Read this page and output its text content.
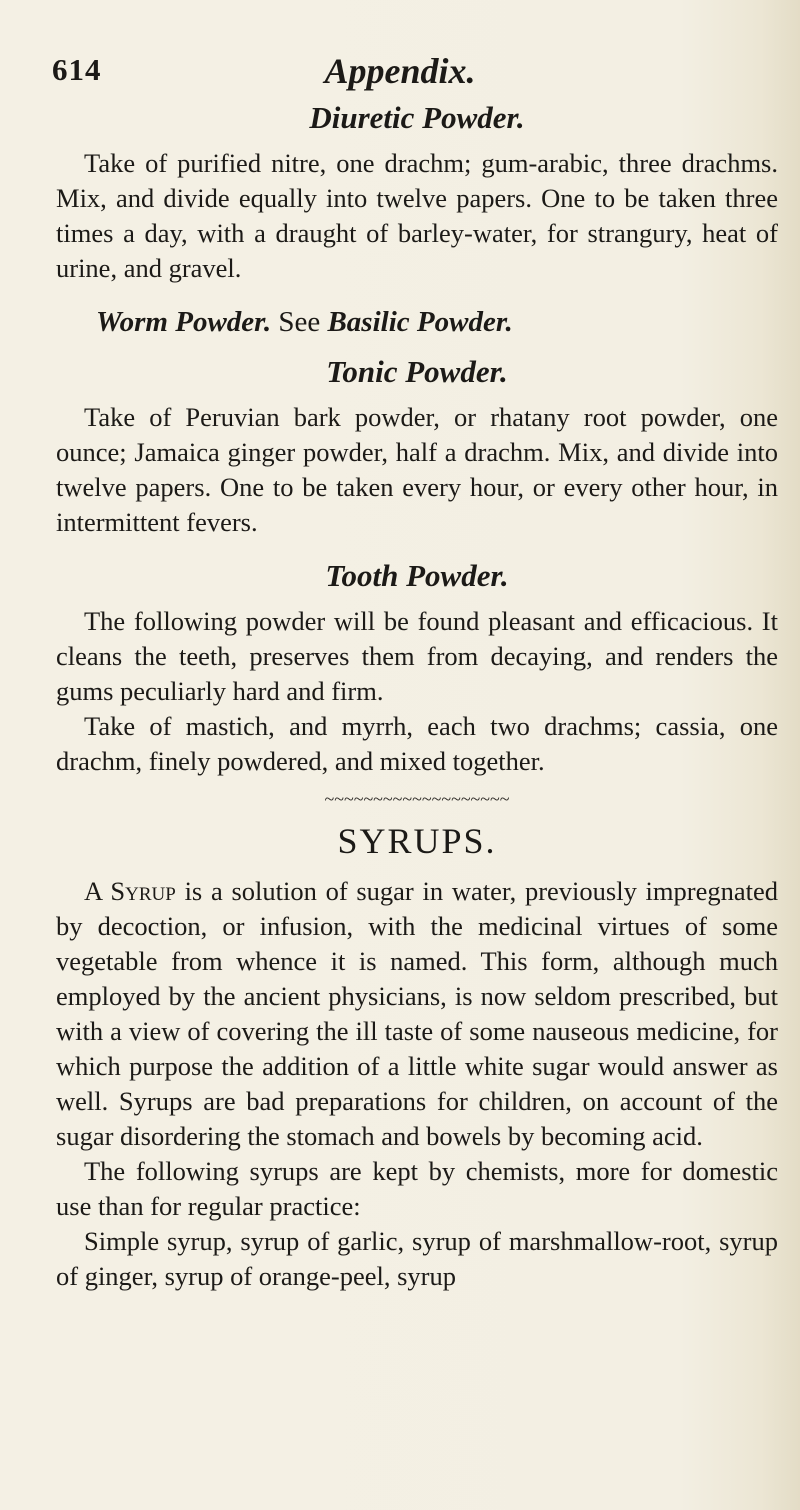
614	Appendix.
Diuretic Powder.

Take of purified nitre, one drachm; gum-arabic, three drachms. Mix, and divide equally into twelve papers. One to be taken three times a day, with a draught of barley-water, for strangury, heat of urine, and gravel.

Worm Powder. See Basilic Powder.

Tonic Powder.

Take of Peruvian bark powder, or rhatany root powder, one ounce; Jamaica ginger powder, half a drachm. Mix, and divide into twelve papers. One to be taken every hour, or every other hour, in intermittent fevers.

Tooth Powder.

The following powder will be found pleasant and efficacious. It cleans the teeth, preserves them from decaying, and renders the gums peculiarly hard and firm.

Take of mastich, and myrrh, each two drachms; cassia, one drachm, finely powdered, and mixed together.

~~~~~~~~~~~~~~~~~~~
SYRUPS.

A Syrup is a solution of sugar in water, previously impregnated by decoction, or infusion, with the medicinal virtues of some vegetable from whence it is named. This form, although much employed by the ancient physicians, is now seldom prescribed, but with a view of covering the ill taste of some nauseous medicine, for which purpose the addition of a little white sugar would answer as well. Syrups are bad preparations for children, on account of the sugar disordering the stomach and bowels by becoming acid.

The following syrups are kept by chemists, more for domestic use than for regular practice:

Simple syrup, syrup of garlic, syrup of marshmallow-root, syrup of ginger, syrup of orange-peel, syrup
